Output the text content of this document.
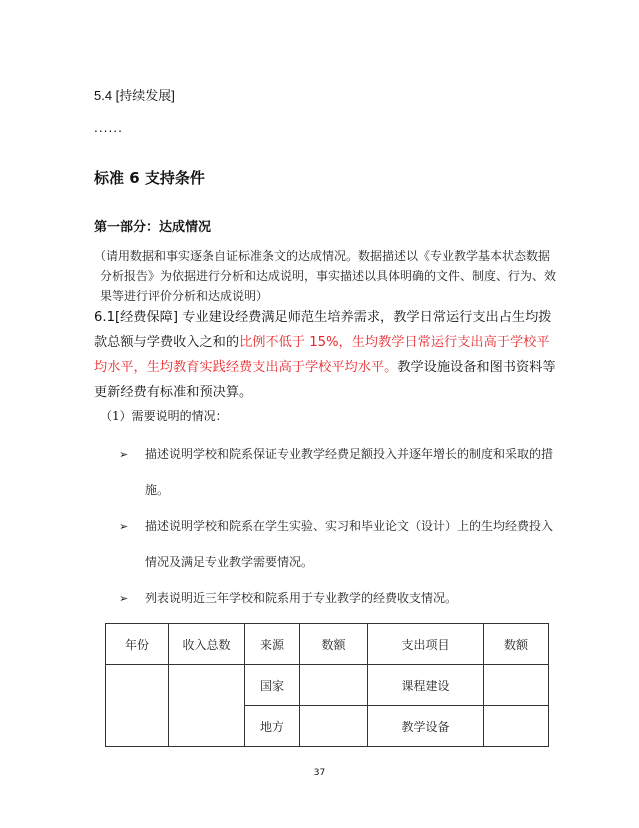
5.4 [持续发展]
......
标准 6 支持条件
第一部分：达成情况
（请用数据和事实逐条自证标准条文的达成情况。数据描述以《专业教学基本状态数据分析报告》为依据进行分析和达成说明，事实描述以具体明确的文件、制度、行为、效果等进行评价分析和达成说明）
6.1[经费保障] 专业建设经费满足师范生培养需求，教学日常运行支出占生均拨款总额与学费收入之和的比例不低于 15%，生均教学日常运行支出高于学校平均水平，生均教育实践经费支出高于学校平均水平。教学设施设备和图书资料等更新经费有标准和预决算。
（1）需要说明的情况：
➢ 描述说明学校和院系保证专业教学经费足额投入并逐年增长的制度和采取的措施。
➢ 描述说明学校和院系在学生实验、实习和毕业论文（设计）上的生均经费投入情况及满足专业教学需要情况。
➢ 列表说明近三年学校和院系用于专业教学的经费收支情况。
年份	收入总数	来源	数额	支出项目	数额
		国家		课程建设	
		地方		教学设备	
37
